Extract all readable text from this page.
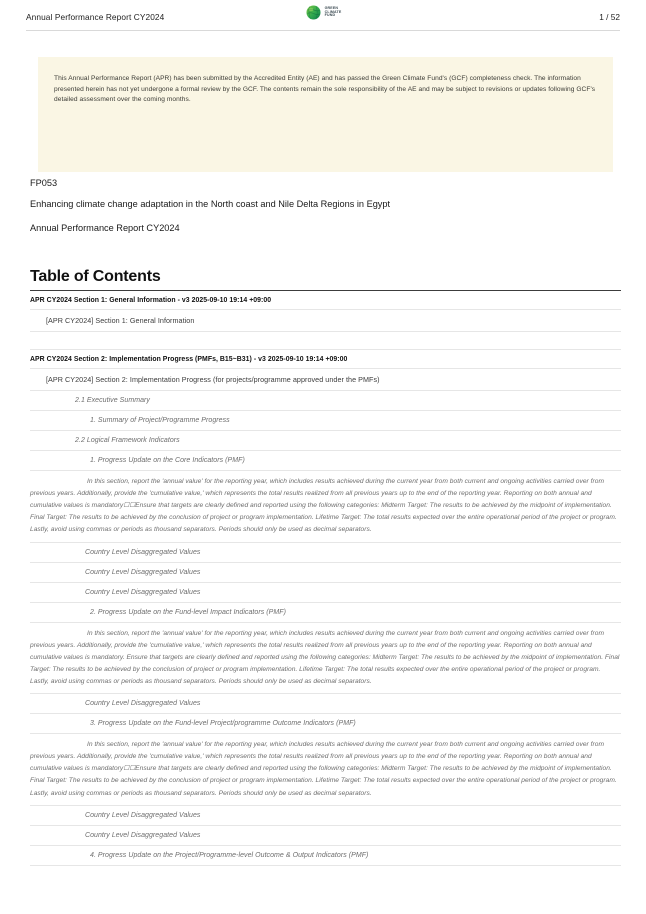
Annual Performance Report CY2024
GREEN
CLIMATE
FUND	1 / 52
This Annual Performance Report (APR) has been submitted by the Accredited Entity (AE) and has passed the Green Climate Fund's (GCF) completeness check. The information presented herein has not yet undergone a formal review by the GCF. The contents remain the sole responsibility of the AE and may be subject to revisions or updates following GCF's detailed assessment over the coming months.
FP053
Enhancing climate change adaptation in the North coast and Nile Delta Regions in Egypt
Annual Performance Report CY2024
Table of Contents
APR CY2024 Section 1: General Information - v3 2025-09-10 19:14 +09:00
[APR CY2024] Section 1: General Information
APR CY2024 Section 2: Implementation Progress (PMFs, B15~B31) - v3 2025-09-10 19:14 +09:00
[APR CY2024] Section 2: Implementation Progress (for projects/programme approved under the PMFs)
2.1 Executive Summary
1. Summary of Project/Programme Progress
2.2 Logical Framework Indicators
1. Progress Update on the Core Indicators (PMF)
In this section, report the 'annual value' for the reporting year, which includes results achieved during the current year from both current and ongoing activities carried over from previous years. Additionally, provide the 'cumulative value,' which represents the total results realized from all previous years up to the end of the reporting year. Reporting on both annual and cumulative values is mandatory☐☐Ensure that targets are clearly defined and reported using the following categories: Midterm Target: The results to be achieved by the midpoint of implementation. Final Target: The results to be achieved by the conclusion of project or program implementation. Lifetime Target: The total results expected over the entire operational period of the project or program. Lastly, avoid using commas or periods as thousand separators. Periods should only be used as decimal separators.
Country Level Disaggregated Values
Country Level Disaggregated Values
Country Level Disaggregated Values
2. Progress Update on the Fund-level Impact Indicators (PMF)
In this section, report the 'annual value' for the reporting year, which includes results achieved during the current year from both current and ongoing activities carried over from previous years. Additionally, provide the 'cumulative value,' which represents the total results realized from all previous years up to the end of the reporting year. Reporting on both annual and cumulative values is mandatory. Ensure that targets are clearly defined and reported using the following categories: Midterm Target: The results to be achieved by the midpoint of implementation. Final Target: The results to be achieved by the conclusion of project or program implementation. Lifetime Target: The total results expected over the entire operational period of the project or program. Lastly, avoid using commas or periods as thousand separators. Periods should only be used as decimal separators.
Country Level Disaggregated Values
3. Progress Update on the Fund-level Project/programme Outcome Indicators (PMF)
In this section, report the 'annual value' for the reporting year, which includes results achieved during the current year from both current and ongoing activities carried over from previous years. Additionally, provide the 'cumulative value,' which represents the total results realized from all previous years up to the end of the reporting year. Reporting on both annual and cumulative values is mandatory☐☐Ensure that targets are clearly defined and reported using the following categories: Midterm Target: The results to be achieved by the midpoint of implementation. Final Target: The results to be achieved by the conclusion of project or program implementation. Lifetime Target: The total results expected over the entire operational period of the project or program. Lastly, avoid using commas or periods as thousand separators. Periods should only be used as decimal separators.
Country Level Disaggregated Values
Country Level Disaggregated Values
4. Progress Update on the Project/Programme-level Outcome & Output Indicators (PMF)
